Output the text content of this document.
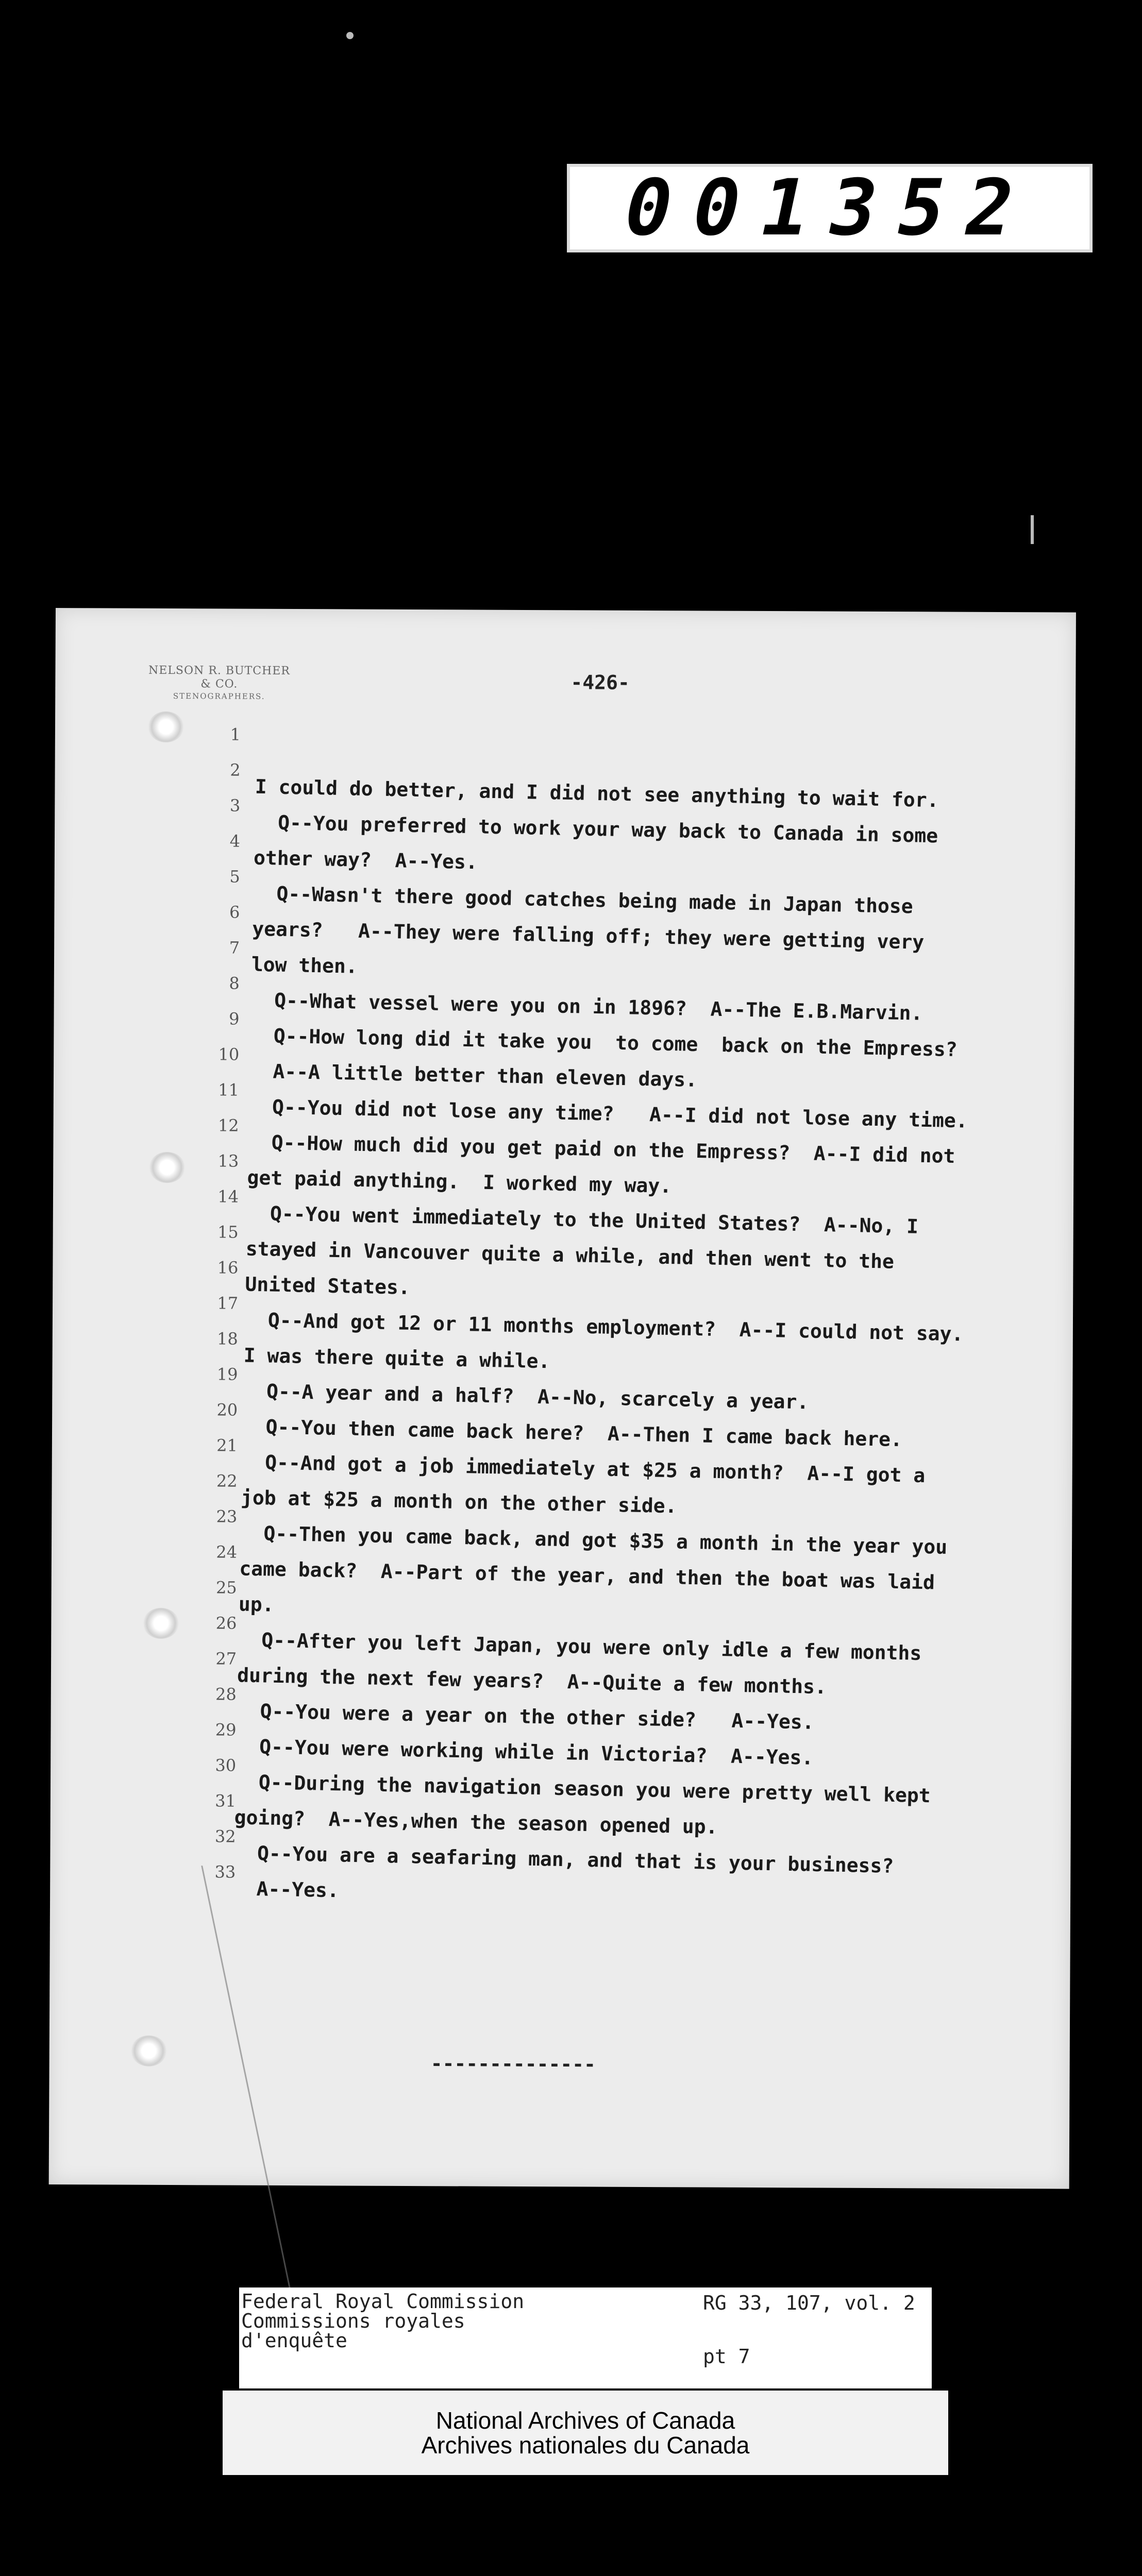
001352
NELSON R. BUTCHER & CO.
STENOGRAPHERS.
-426-
1
2
3
4
5
6
7
8
9
10
11
12
13
14
15
16
17
18
19
20
21
22
23
24
25
26
27
28
29
30
31
32
33
I could do better, and I did not see anything to wait for.
Q--You preferred to work your way back to Canada in some
other way?  A--Yes.
Q--Wasn't there good catches being made in Japan those
years?   A--They were falling off; they were getting very
low then.
Q--What vessel were you on in 1896?  A--The E.B.Marvin.
Q--How long did it take you  to come  back on the Empress?
A--A little better than eleven days.
Q--You did not lose any time?   A--I did not lose any time.
Q--How much did you get paid on the Empress?  A--I did not
get paid anything.  I worked my way.
Q--You went immediately to the United States?  A--No, I
stayed in Vancouver quite a while, and then went to the
United States.
Q--And got 12 or 11 months employment?  A--I could not say.
I was there quite a while.
Q--A year and a half?  A--No, scarcely a year.
Q--You then came back here?  A--Then I came back here.
Q--And got a job immediately at $25 a month?  A--I got a
job at $25 a month on the other side.
Q--Then you came back, and got $35 a month in the year you
came back?  A--Part of the year, and then the boat was laid
up.
Q--After you left Japan, you were only idle a few months
during the next few years?  A--Quite a few months.
Q--You were a year on the other side?   A--Yes.
Q--You were working while in Victoria?  A--Yes.
Q--During the navigation season you were pretty well kept
going?  A--Yes,when the season opened up.
Q--You are a seafaring man, and that is your business?
A--Yes.
--------------
Federal Royal Commission
Commissions royales
d'enquête
RG 33, 107, vol. 2
pt 7
National Archives of Canada
Archives nationales du Canada
